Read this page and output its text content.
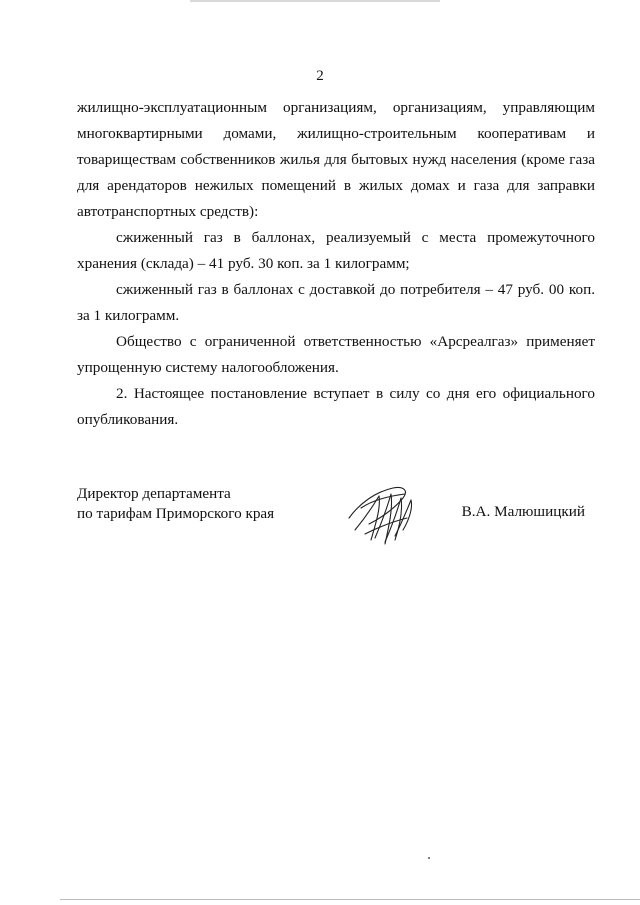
2

жилищно-эксплуатационным организациям, организациям, управляющим многоквартирными домами, жилищно-строительным кооперативам и товариществам собственников жилья для бытовых нужд населения (кроме газа для арендаторов нежилых помещений в жилых домах и газа для заправки автотранспортных средств):

сжиженный газ в баллонах, реализуемый с места промежуточного хранения (склада) – 41 руб. 30 коп. за 1 килограмм;

сжиженный газ в баллонах с доставкой до потребителя – 47 руб. 00 коп. за 1 килограмм.

Общество с ограниченной ответственностью «Арсреалгаз» применяет упрощенную систему налогообложения.

2. Настоящее постановление вступает в силу со дня его официального опубликования.

Директор департамента
по тарифам Приморского края	В.А. Малюшицкий
